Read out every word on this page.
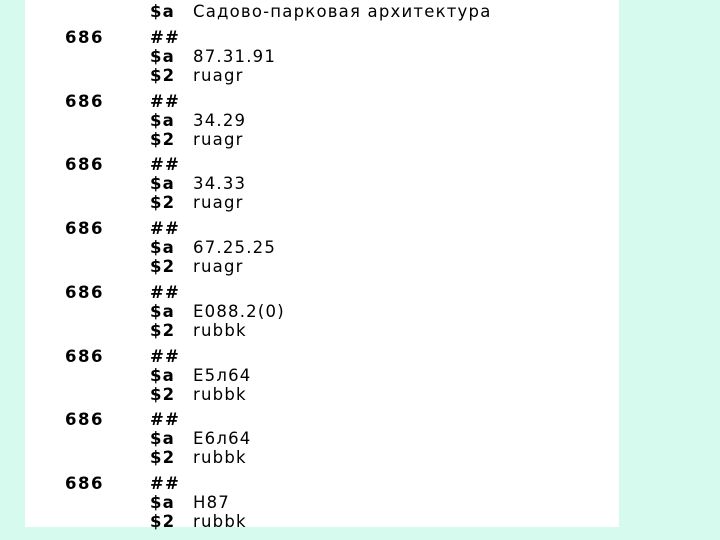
$a Садово-парковая архитектура
686	##
$a 87.31.91
$2 ruagr
686	##
$a 34.29
$2 ruagr
686	##
$a 34.33
$2 ruagr
686	##
$a 67.25.25
$2 ruagr
686	##
$a E088.2(0)
$2 rubbk
686	##
$a Е5л64
$2 rubbk
686	##
$a Е6л64
$2 rubbk
686	##
$a Н87
$2 rubbk
